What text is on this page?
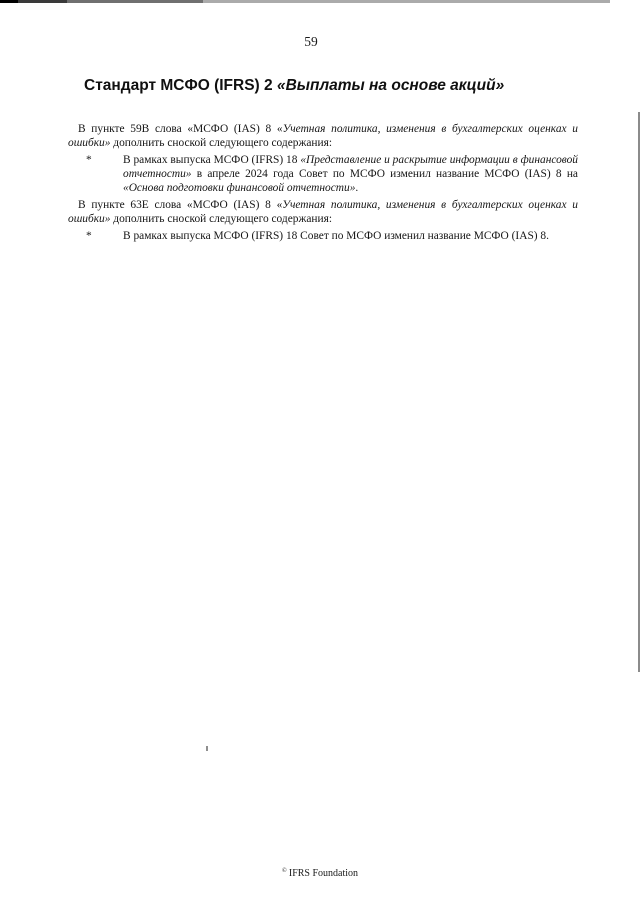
59
Стандарт МСФО (IFRS) 2 «Выплаты на основе акций»

В пункте 59B слова «МСФО (IAS) 8 «Учетная политика, изменения в бухгалтерских оценках и ошибки» дополнить сноской следующего содержания:

*	В рамках выпуска МСФО (IFRS) 18 «Представление и раскрытие информации в финансовой отчетности» в апреле 2024 года Совет по МСФО изменил название МСФО (IAS) 8 на «Основа подготовки финансовой отчетности».

В пункте 63E слова «МСФО (IAS) 8 «Учетная политика, изменения в бухгалтерских оценках и ошибки» дополнить сноской следующего содержания:

*	В рамках выпуска МСФО (IFRS) 18 Совет по МСФО изменил название МСФО (IAS) 8.
© IFRS Foundation
